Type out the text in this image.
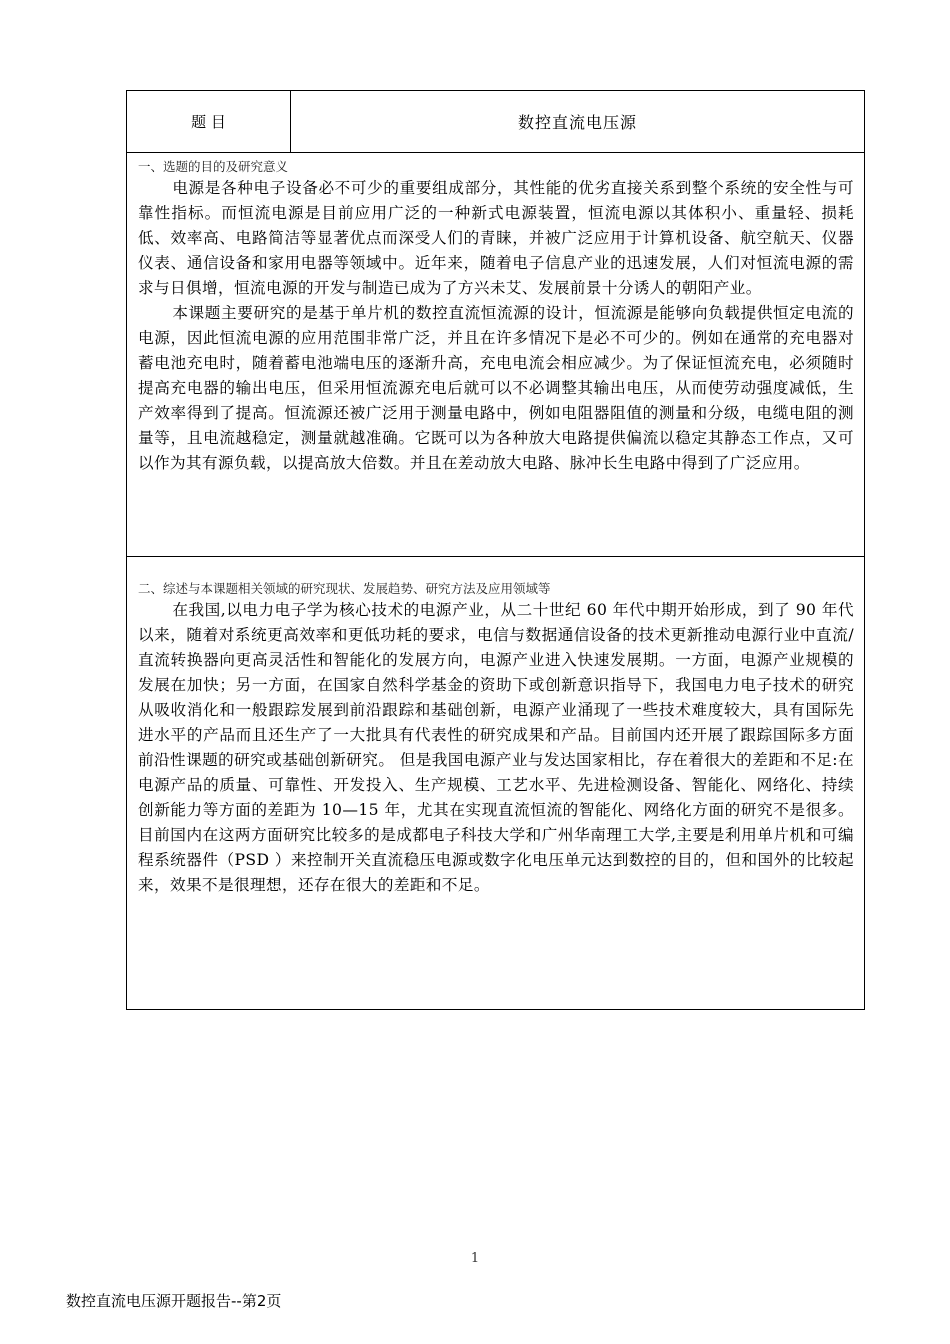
题 目	数控直流电压源

一、选题的目的及研究意义

电源是各种电子设备必不可少的重要组成部分，其性能的优劣直接关系到整个系统的安全性与可靠性指标。而恒流电源是目前应用广泛的一种新式电源装置，恒流电源以其体积小、重量轻、损耗低、效率高、电路简洁等显著优点而深受人们的青睐，并被广泛应用于计算机设备、航空航天、仪器仪表、通信设备和家用电器等领域中。近年来，随着电子信息产业的迅速发展，人们对恒流电源的需求与日俱增，恒流电源的开发与制造已成为了方兴未艾、发展前景十分诱人的朝阳产业。

本课题主要研究的是基于单片机的数控直流恒流源的设计，恒流源是能够向负载提供恒定电流的电源，因此恒流电源的应用范围非常广泛，并且在许多情况下是必不可少的。例如在通常的充电器对蓄电池充电时，随着蓄电池端电压的逐渐升高，充电电流会相应减少。为了保证恒流充电，必须随时提高充电器的输出电压，但采用恒流源充电后就可以不必调整其输出电压，从而使劳动强度减低，生产效率得到了提高。恒流源还被广泛用于测量电路中，例如电阻器阻值的测量和分级，电缆电阻的测量等，且电流越稳定，测量就越准确。它既可以为各种放大电路提供偏流以稳定其静态工作点，又可以作为其有源负载，以提高放大倍数。并且在差动放大电路、脉冲长生电路中得到了广泛应用。

二、综述与本课题相关领域的研究现状、发展趋势、研究方法及应用领域等

在我国,以电力电子学为核心技术的电源产业，从二十世纪 60 年代中期开始形成，到了 90 年代以来，随着对系统更高效率和更低功耗的要求，电信与数据通信设备的技术更新推动电源行业中直流/直流转换器向更高灵活性和智能化的发展方向，电源产业进入快速发展期。一方面，电源产业规模的发展在加快；另一方面，在国家自然科学基金的资助下或创新意识指导下，我国电力电子技术的研究从吸收消化和一般跟踪发展到前沿跟踪和基础创新，电源产业涌现了一些技术难度较大，具有国际先进水平的产品而且还生产了一大批具有代表性的研究成果和产品。目前国内还开展了跟踪国际多方面前沿性课题的研究或基础创新研究。 但是我国电源产业与发达国家相比，存在着很大的差距和不足:在电源产品的质量、可靠性、开发投入、生产规模、工艺水平、先进检测设备、智能化、网络化、持续创新能力等方面的差距为 10—15 年，尤其在实现直流恒流的智能化、网络化方面的研究不是很多。目前国内在这两方面研究比较多的是成都电子科技大学和广州华南理工大学,主要是利用单片机和可编程系统器件（PSD ）来控制开关直流稳压电源或数字化电压单元达到数控的目的，但和国外的比较起来，效果不是很理想，还存在很大的差距和不足。

1
数控直流电压源开题报告--第2页
